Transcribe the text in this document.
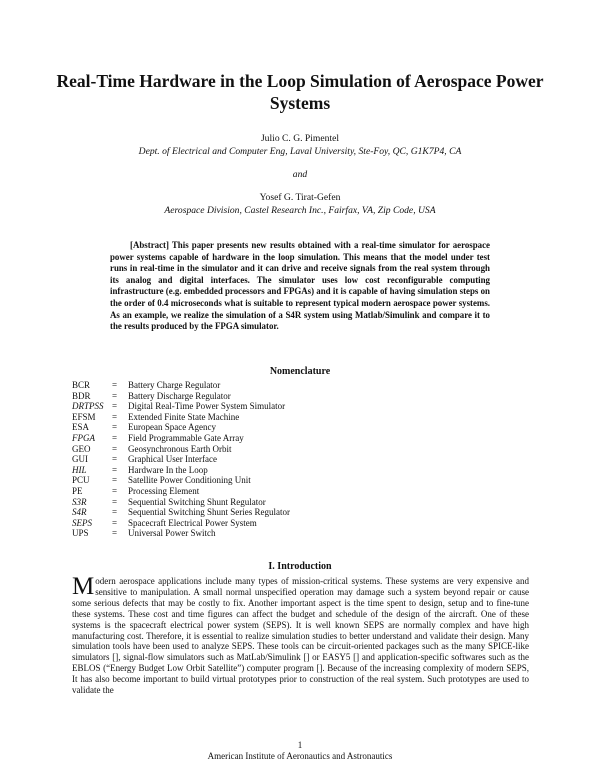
Real-Time Hardware in the Loop Simulation of Aerospace Power Systems
Julio C. G. Pimentel
Dept. of Electrical and Computer Eng, Laval University, Ste-Foy, QC, G1K7P4, CA
and
Yosef G. Tirat-Gefen
Aerospace Division, Castel Research Inc., Fairfax, VA, Zip Code, USA
[Abstract] This paper presents new results obtained with a real-time simulator for aerospace power systems capable of hardware in the loop simulation. This means that the model under test runs in real-time in the simulator and it can drive and receive signals from the real system through its analog and digital interfaces. The simulator uses low cost reconfigurable computing infrastructure (e.g. embedded processors and FPGAs) and it is capable of having simulation steps on the order of 0.4 microseconds what is suitable to represent typical modern aerospace power systems. As an example, we realize the simulation of a S4R system using Matlab/Simulink and compare it to the results produced by the FPGA simulator.
Nomenclature
BCR	=	Battery Charge Regulator
BDR	=	Battery Discharge Regulator
DRTPSS =	Digital Real-Time Power System Simulator
EFSM	=	Extended Finite State Machine
ESA	=	European Space Agency
FPGA	=	Field Programmable Gate Array
GEO	=	Geosynchronous Earth Orbit
GUI	=	Graphical User Interface
HIL	=	Hardware In the Loop
PCU	=	Satellite Power Conditioning Unit
PE	=	Processing Element
S3R	=	Sequential Switching Shunt Regulator
S4R	=	Sequential Switching Shunt Series Regulator
SEPS	=	Spacecraft Electrical Power System
UPS	=	Universal Power Switch
I. Introduction
Modern aerospace applications include many types of mission-critical systems. These systems are very expensive and sensitive to manipulation. A small normal unspecified operation may damage such a system beyond repair or cause some serious defects that may be costly to fix. Another important aspect is the time spent to design, setup and to fine-tune these systems. These cost and time figures can affect the budget and schedule of the design of the aircraft. One of these systems is the spacecraft electrical power system (SEPS). It is well known SEPS are normally complex and have high manufacturing cost. Therefore, it is essential to realize simulation studies to better understand and validate their design. Many simulation tools have been used to analyze SEPS. These tools can be circuit-oriented packages such as the many SPICE-like simulators [], signal-flow simulators such as MatLab/Simulink [] or EASY5 [] and application-specific softwares such as the EBLOS (“Energy Budget Low Orbit Satellite”) computer program []. Because of the increasing complexity of modern SEPS, It has also become important to build virtual prototypes prior to construction of the real system. Such prototypes are used to validate the
1
American Institute of Aeronautics and Astronautics
